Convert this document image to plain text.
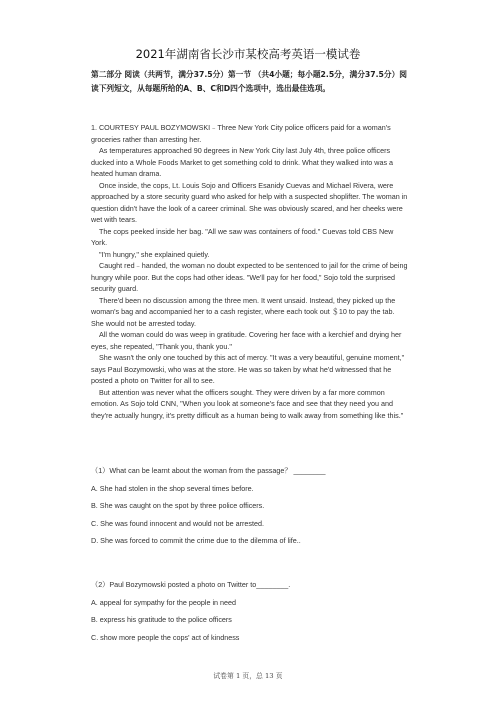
2021年湖南省长沙市某校高考英语一模试卷
第二部分 阅读（共两节，满分37.5分）第一节 （共4小题；每小题2.5分，满分37.5分）阅读下列短文，从每题所给的A、B、C和D四个选项中，选出最佳选项。

1. COURTESY PAUL BOZYMOWSKI﹣Three New York City police officers paid for a woman's groceries rather than arresting her.

As temperatures approached 90 degrees in New York City last July 4th, three police officers ducked into a Whole Foods Market to get something cold to drink. What they walked into was a heated human drama.

Once inside, the cops, Lt. Louis Sojo and Officers Esanidy Cuevas and Michael Rivera, were approached by a store security guard who asked for help with a suspected shoplifter. The woman in question didn't have the look of a career criminal. She was obviously scared, and her cheeks were wet with tears.

The cops peeked inside her bag. "All we saw was containers of food." Cuevas told CBS New York.

"I'm hungry," she explained quietly.

Caught red﹣handed, the woman no doubt expected to be sentenced to jail for the crime of being hungry while poor. But the cops had other ideas. "We'll pay for her food," Sojo told the surprised security guard.

There'd been no discussion among the three men. It went unsaid. Instead, they picked up the woman's bag and accompanied her to a cash register, where each took out ＄10 to pay the tab. She would not be arrested today.

All the woman could do was weep in gratitude. Covering her face with a kerchief and drying her eyes, she repeated, "Thank you, thank you."

She wasn't the only one touched by this act of mercy. "It was a very beautiful, genuine moment," says Paul Bozymowski, who was at the store. He was so taken by what he'd witnessed that he posted a photo on Twitter for all to see.

But attention was never what the officers sought. They were driven by a far more common emotion. As Sojo told CNN, "When you look at someone's face and see that they need you and they're actually hungry, it's pretty difficult as a human being to walk away from something like this."

（1）What can be learnt about the woman from the passage？ ________
A. She had stolen in the shop several times before.
B. She was caught on the spot by three police officers.
C. She was found innocent and would not be arrested.
D. She was forced to commit the crime due to the dilemma of life..
（2）Paul Bozymowski posted a photo on Twitter to________.
A. appeal for sympathy for the people in need
B. express his gratitude to the police officers
C. show more people the cops' act of kindness
试卷第 1 页，总 13 页
